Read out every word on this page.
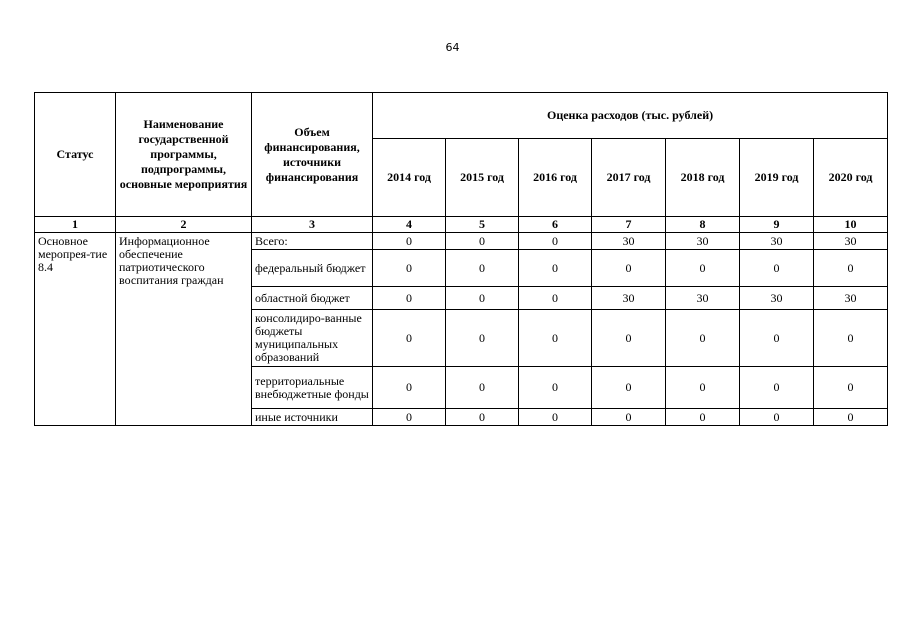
64
Статус	Наименование государственной программы, подпрограммы, основные мероприятия	Объем финансирования, источники финансирования	Оценка расходов (тыс. рублей)						
			2014 год	2015 год	2016 год	2017 год	2018 год	2019 год	2020 год
1	2	3	4	5	6	7	8	9	10
Основное меропрея-тие 8.4	Информационное обеспечение патриотического воспитания граждан	Всего:	0	0	0	30	30	30	30
		федеральный бюджет	0	0	0	0	0	0	0
		областной бюджет	0	0	0	30	30	30	30
		консолидиро-ванные бюджеты муниципальных образований	0	0	0	0	0	0	0
		территориальные внебюджетные фонды	0	0	0	0	0	0	0
		иные источники	0	0	0	0	0	0	0
